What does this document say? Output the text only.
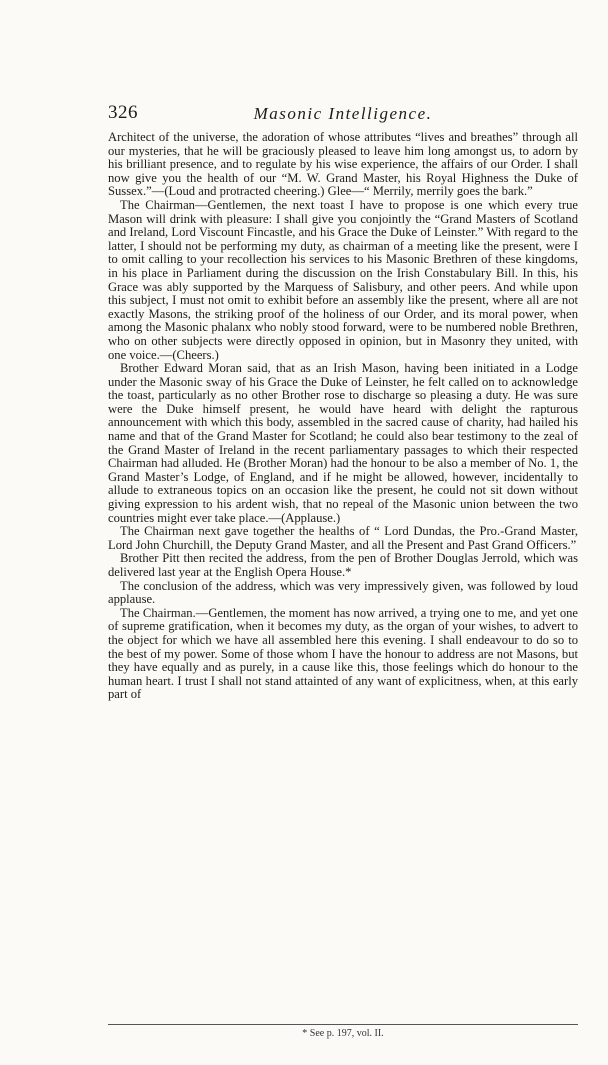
326	Masonic Intelligence.

Architect of the universe, the adoration of whose attributes “lives and breathes” through all our mysteries, that he will be graciously pleased to leave him long amongst us, to adorn by his brilliant presence, and to regulate by his wise experience, the affairs of our Order. I shall now give you the health of our “M. W. Grand Master, his Royal Highness the Duke of Sussex.”—(Loud and protracted cheering.) Glee—“ Merrily, merrily goes the bark.”

The Chairman—Gentlemen, the next toast I have to propose is one which every true Mason will drink with pleasure: I shall give you conjointly the “Grand Masters of Scotland and Ireland, Lord Viscount Fincastle, and his Grace the Duke of Leinster.” With regard to the latter, I should not be performing my duty, as chairman of a meeting like the present, were I to omit calling to your recollection his services to his Masonic Brethren of these kingdoms, in his place in Parliament during the discussion on the Irish Constabulary Bill. In this, his Grace was ably supported by the Marquess of Salisbury, and other peers. And while upon this subject, I must not omit to exhibit before an assembly like the present, where all are not exactly Masons, the striking proof of the holiness of our Order, and its moral power, when among the Masonic phalanx who nobly stood forward, were to be numbered noble Brethren, who on other subjects were directly opposed in opinion, but in Masonry they united, with one voice.—(Cheers.)

Brother Edward Moran said, that as an Irish Mason, having been initiated in a Lodge under the Masonic sway of his Grace the Duke of Leinster, he felt called on to acknowledge the toast, particularly as no other Brother rose to discharge so pleasing a duty. He was sure were the Duke himself present, he would have heard with delight the rapturous announcement with which this body, assembled in the sacred cause of charity, had hailed his name and that of the Grand Master for Scotland; he could also bear testimony to the zeal of the Grand Master of Ireland in the recent parliamentary passages to which their respected Chairman had alluded. He (Brother Moran) had the honour to be also a member of No. 1, the Grand Master’s Lodge, of England, and if he might be allowed, however, incidentally to allude to extraneous topics on an occasion like the present, he could not sit down without giving expression to his ardent wish, that no repeal of the Masonic union between the two countries might ever take place.—(Applause.)

The Chairman next gave together the healths of “ Lord Dundas, the Pro.-Grand Master, Lord John Churchill, the Deputy Grand Master, and all the Present and Past Grand Officers.”

Brother Pitt then recited the address, from the pen of Brother Douglas Jerrold, which was delivered last year at the English Opera House.*

The conclusion of the address, which was very impressively given, was followed by loud applause.

The Chairman.—Gentlemen, the moment has now arrived, a trying one to me, and yet one of supreme gratification, when it becomes my duty, as the organ of your wishes, to advert to the object for which we have all assembled here this evening. I shall endeavour to do so to the best of my power. Some of those whom I have the honour to address are not Masons, but they have equally and as purely, in a cause like this, those feelings which do honour to the human heart. I trust I shall not stand attainted of any want of explicitness, when, at this early part of

* See p. 197, vol. II.
